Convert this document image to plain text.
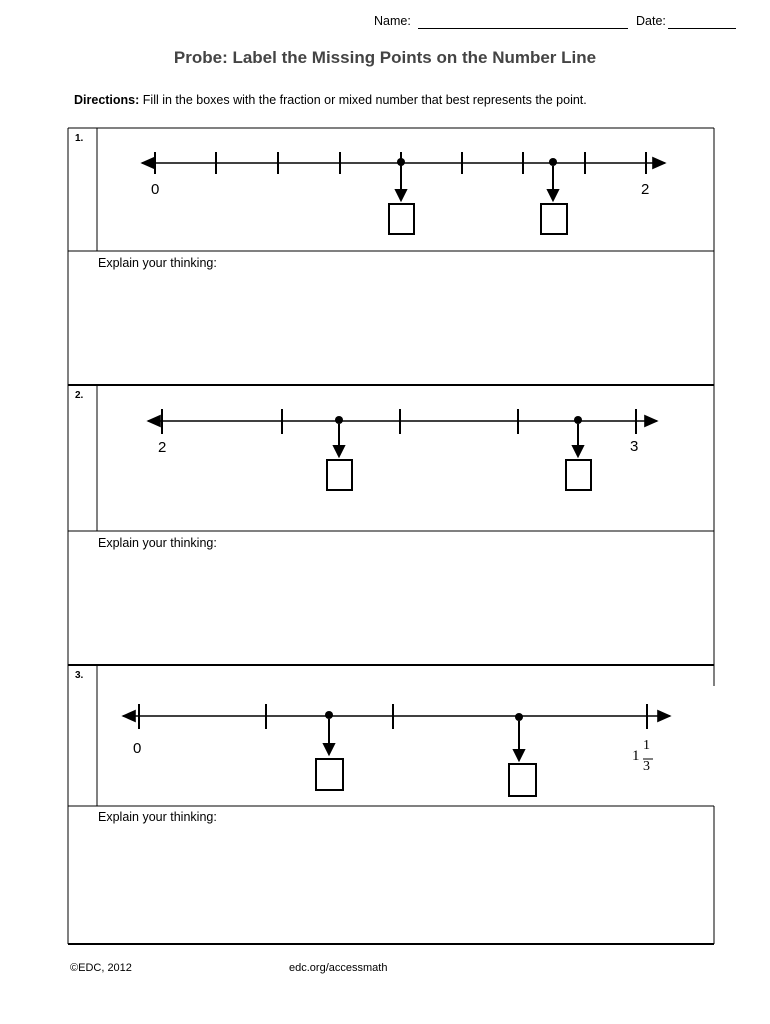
Name:	Date:
Probe: Label the Missing Points on the Number Line
Directions: Fill in the boxes with the fraction or mixed number that best represents the point.
1.
0	2
Explain your thinking:
2.
2	3
Explain your thinking:
3.
0	1
1
3
Explain your thinking:
©EDC, 2012	edc.org/accessmath
